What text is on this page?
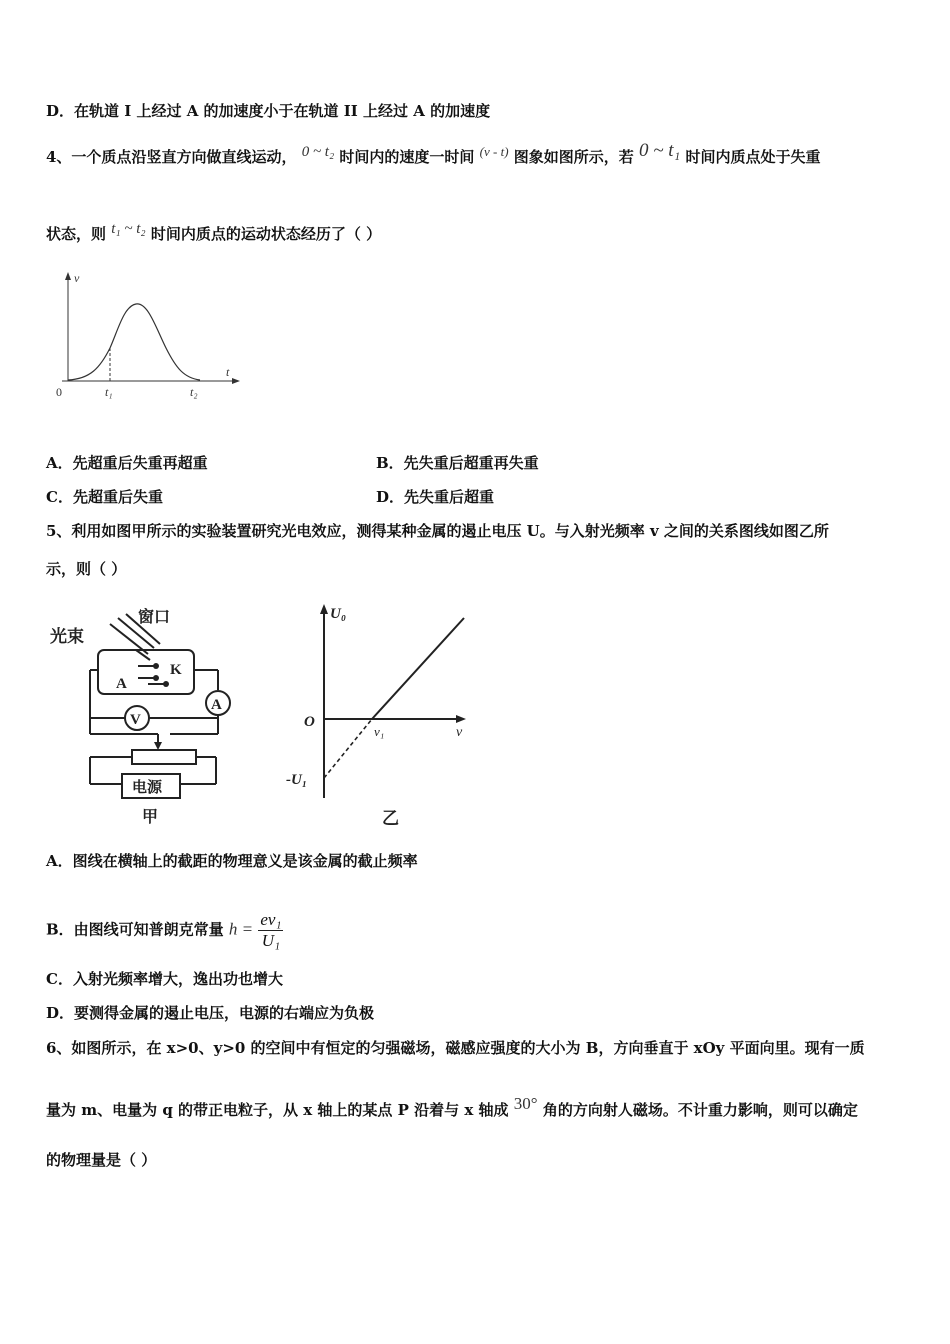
D．在轨道 I 上经过 A 的加速度小于在轨道 II 上经过 A 的加速度
4、一个质点沿竖直方向做直线运动， 0 ~ t₂ 时间内的速度一时间 (v - t) 图象如图所示，若 0 ~ t₁ 时间内质点处于失重
状态，则 t₁ ~ t₂ 时间内质点的运动状态经历了（ ）
v
t
0	t₁	t₂
A．先超重后失重再超重	B．先失重后超重再失重
C．先超重后失重	D．先失重后超重
5、利用如图甲所示的实验装置研究光电效应，测得某种金属的遏止电压 U。与入射光频率 v 之间的关系图线如图乙所
示，则（ ）
光束
窗口
A
K
A
V
电源
甲
U₀
O
v₁	v
-U₁
乙
A．图线在横轴上的截距的物理意义是该金属的截止频率
B．由图线可知普朗克常量 $h = \frac{\text{ev₁}}{\text{U₁}}$
C．入射光频率增大，逸出功也增大
D．要测得金属的遏止电压，电源的右端应为负极
6、如图所示，在 x>0、y>0 的空间中有恒定的匀强磁场，磁感应强度的大小为 B，方向垂直于 xOy 平面向里。现有一质
量为 m、电量为 q 的带正电粒子，从 x 轴上的某点 P 沿着与 x 轴成 30° 角的方向射人磁场。不计重力影响，则可以确定
的物理量是（ ）
